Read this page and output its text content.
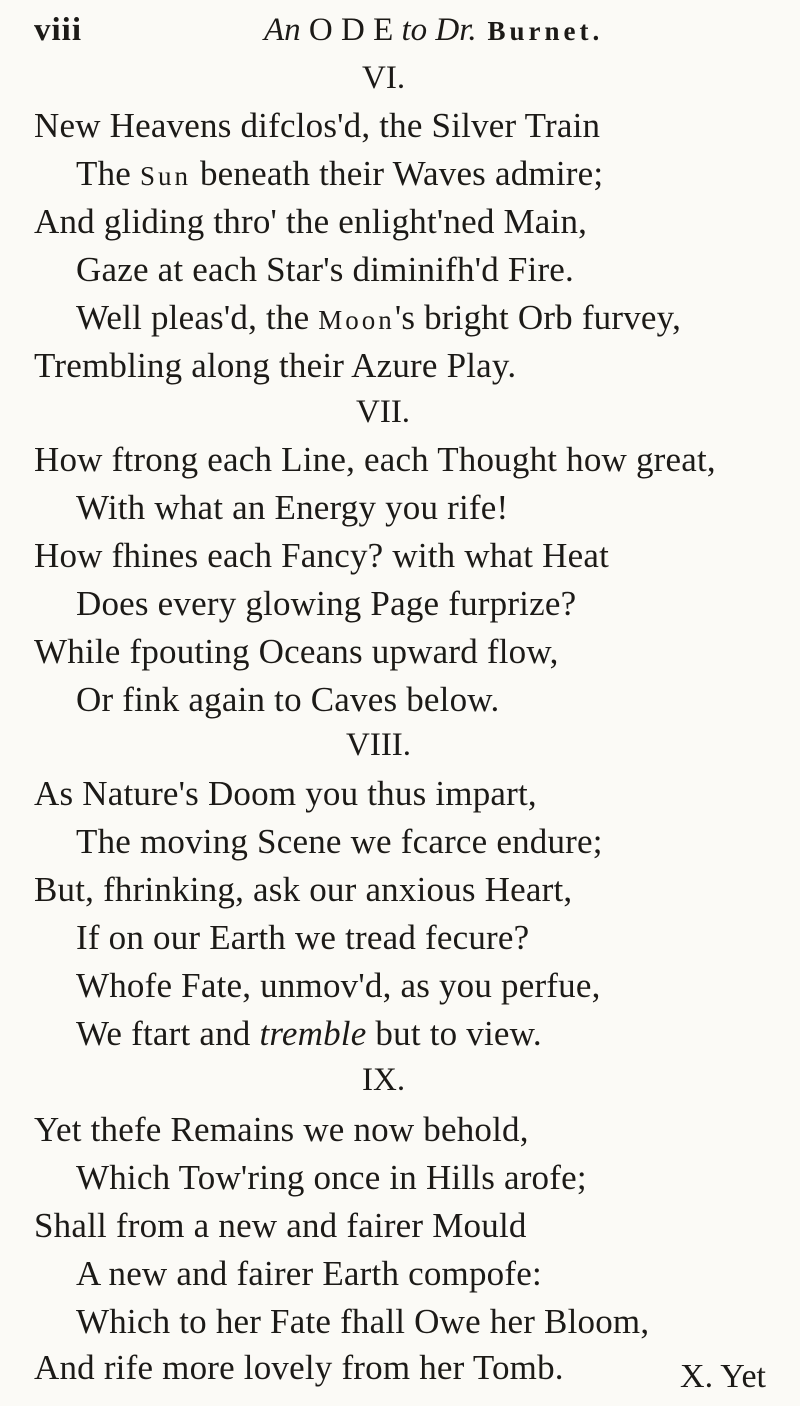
viii	An O D E to Dr. Burnet.
VI.
New Heavens difclos'd, the Silver Train
The Sun beneath their Waves admire;
And gliding thro' the enlight'ned Main,
Gaze at each Star's diminifh'd Fire.
Well pleas'd, the Moon's bright Orb furvey,
Trembling along their Azure Play.
VII.
How ftrong each Line, each Thought how great,
With what an Energy you rife!
How fhines each Fancy? with what Heat
Does every glowing Page furprize?
While fpouting Oceans upward flow,
Or fink again to Caves below.
VIII.
As Nature's Doom you thus impart,
The moving Scene we fcarce endure;
But, fhrinking, ask our anxious Heart,
If on our Earth we tread fecure?
Whofe Fate, unmov'd, as you perfue,
We ftart and tremble but to view.
IX.
Yet thefe Remains we now behold,
Which Tow'ring once in Hills arofe;
Shall from a new and fairer Mould
A new and fairer Earth compofe:
Which to her Fate fhall Owe her Bloom,
And rife more lovely from her Tomb.	X. Yet
